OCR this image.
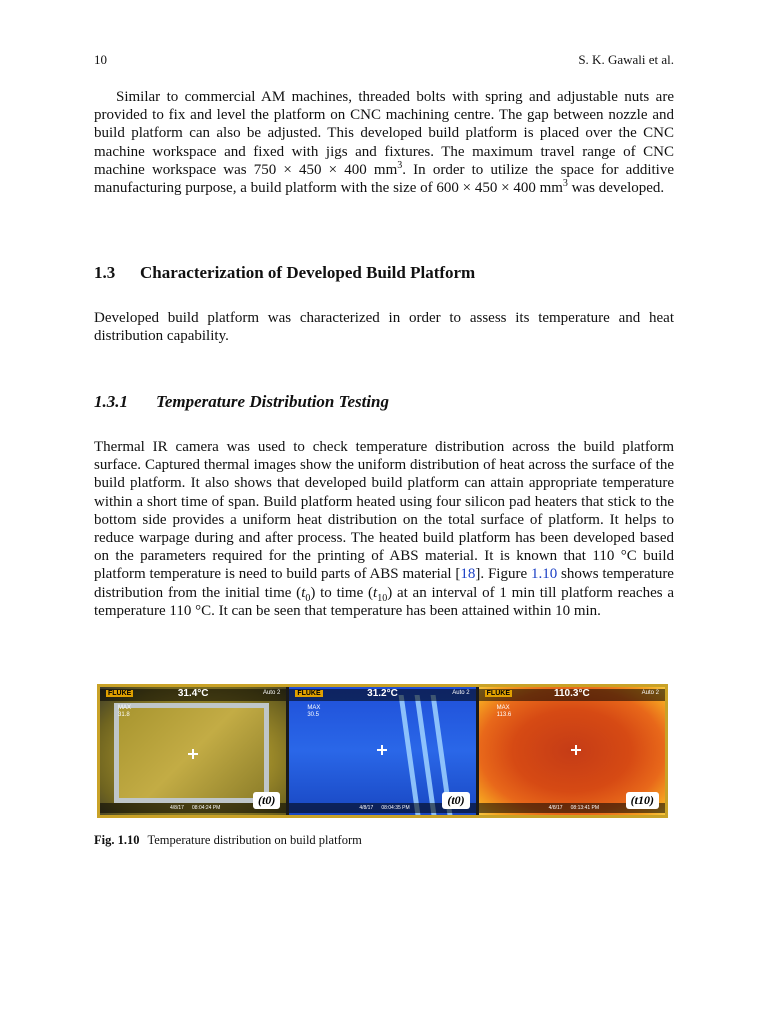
10	S. K. Gawali et al.

Similar to commercial AM machines, threaded bolts with spring and adjustable nuts are provided to fix and level the platform on CNC machining centre. The gap between nozzle and build platform can also be adjusted. This developed build platform is placed over the CNC machine workspace and fixed with jigs and fixtures. The maximum travel range of CNC machine workspace was 750 × 450 × 400 $mm^3$. In order to utilize the space for additive manufacturing purpose, a build platform with the size of 600 × 450 × 400 $mm^3$ was developed.

1.3 Characterization of Developed Build Platform

Developed build platform was characterized in order to assess its temperature and heat distribution capability.

1.3.1 Temperature Distribution Testing

Thermal IR camera was used to check temperature distribution across the build platform surface. Captured thermal images show the uniform distribution of heat across the surface of the build platform. It also shows that developed build platform can attain appropriate temperature within a short time of span. Build platform heated using four silicon pad heaters that stick to the bottom side provides a uniform heat distribution on the total surface of platform. It helps to reduce warpage during and after process. The heated build platform has been developed based on the parameters required for the printing of ABS material. It is known that 110 °C build platform temperature is need to build parts of ABS material [18]. Figure 1.10 shows temperature distribution from the initial time $(t_0)$ to time $(t_{10})$ at an interval of 1 min till platform reaches a temperature 110 °C. It can be seen that temperature has been attained within 10 min.

Fig. 1.10 Temperature distribution on build platform
FLUKE	31.4°C	Auto 2
MAX
31.8
4/8/17 08:04:24 PM
(t0)
FLUKE	31.2°C	Auto 2
MAX
30.5
4/8/17 08:04:35 PM
(t0)
FLUKE	110.3°C	Auto 2
MAX
113.6
4/8/17 08:13:41 PM
(t10)
